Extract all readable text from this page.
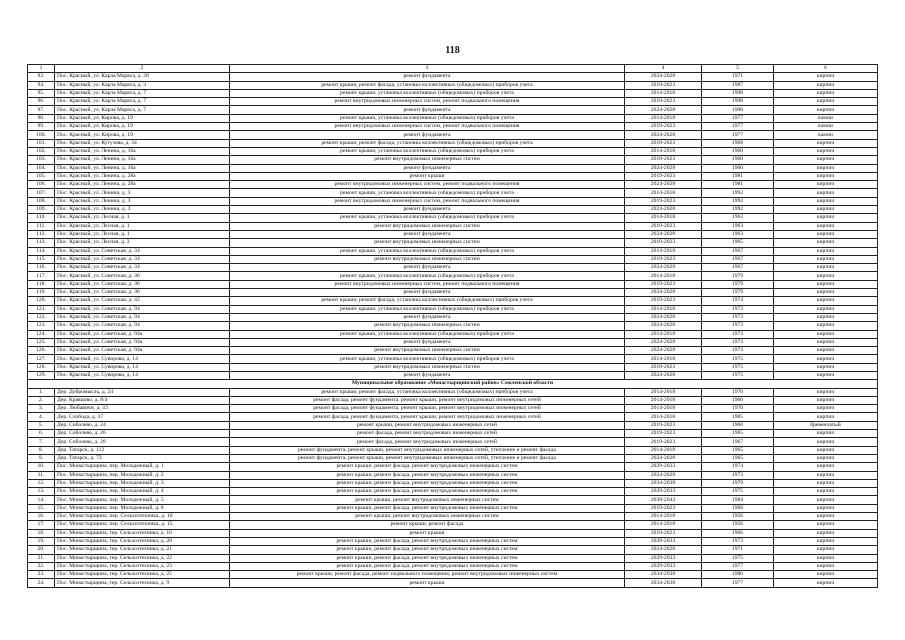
118
1	2	3	4	5	6
93.	Пос. Красный, ул. Карла Маркса, д. 28	ремонт фундамента	2024-2028	1971	кирпич
94.	Пос. Красный, ул. Карла Маркса, д. 3	ремонт крыши, ремонт фасада, установка коллективных (общедомовых) приборов учета	2019-2023	1987	кирпич
95.	Пос. Красный, ул. Карла Маркса, д. 7	ремонт крыши, установка коллективных (общедомовых) приборов учета	2014-2018	1998	кирпич
96.	Пос. Красный, ул. Карла Маркса, д. 7	ремонт внутридомовых инженерных систем, ремонт подвального помещения	2019-2023	1998	кирпич
97.	Пос. Красный, ул. Карла Маркса, д. 7	ремонт фундамента	2024-2028	1998	кирпич
98.	Пос. Красный, ул. Кирова, д. 19	ремонт крыши, установка коллективных (общедомовых) приборов учета	2014-2018	1977	камни
99.	Пос. Красный, ул. Кирова, д. 19	ремонт внутридомовых инженерных систем, ремонт подвального помещения	2019-2023	1977	камни
100.	Пос. Красный, ул. Кирова, д. 19	ремонт фундамента	2024-2028	1977	камни
101.	Пос. Красный, ул. Кутузова, д. 34	ремонт крыши, ремонт фасада, установка коллективных (общедомовых) приборов учета	2019-2023	1968	кирпич
102.	Пос. Красный, ул. Ленина, д. 16а	ремонт крыши, установка коллективных (общедомовых) приборов учета	2014-2018	1960	кирпич
103.	Пос. Красный, ул. Ленина, д. 16а	ремонт внутридомовых инженерных систем	2019-2023	1960	кирпич
104.	Пос. Красный, ул. Ленина, д. 16а	ремонт фундамента	2024-2028	1960	кирпич
105.	Пос. Красный, ул. Ленина, д. 28а	ремонт крыши	2019-2023	1981	кирпич
106.	Пос. Красный, ул. Ленина, д. 28а	ремонт внутридомовых инженерных систем, ремонт подвального помещения	2024-2028	1981	кирпич
107.	Пос. Красный, ул. Ленина, д. 3	ремонт крыши, установка коллективных (общедомовых) приборов учета	2014-2018	1992	кирпич
108.	Пос. Красный, ул. Ленина, д. 3	ремонт внутридомовых инженерных систем, ремонт подвального помещения	2019-2023	1992	кирпич
109.	Пос. Красный, ул. Ленина, д. 3	ремонт фундамента	2024-2028	1992	кирпич
110.	Пос. Красный, ул. Лесная, д. 1	ремонт крыши, установка коллективных (общедомовых) приборов учета	2014-2018	1963	кирпич
111.	Пос. Красный, ул. Лесная, д. 1	ремонт внутридомовых инженерных систем	2019-2023	1963	кирпич
112.	Пос. Красный, ул. Лесная, д. 1	ремонт фундамента	2024-2028	1963	кирпич
113.	Пос. Красный, ул. Лесная, д. 3	ремонт внутридомовых инженерных систем	2019-2023	1965	кирпич
114.	Пос. Красный, ул. Советская, д. 34	ремонт крыши, установка коллективных (общедомовых) приборов учета	2014-2018	1967	кирпич
115.	Пос. Красный, ул. Советская, д. 34	ремонт внутридомовых инженерных систем	2019-2023	1967	кирпич
116.	Пос. Красный, ул. Советская, д. 34	ремонт фундамента	2024-2028	1967	кирпич
117.	Пос. Красный, ул. Советская, д. 36	ремонт крыши, установка коллективных (общедомовых) приборов учета	2014-2018	1979	кирпич
118.	Пос. Красный, ул. Советская, д. 36	ремонт внутридомовых инженерных систем, ремонт подвального помещения	2019-2023	1979	кирпич
119.	Пос. Красный, ул. Советская, д. 36	ремонт фундамента	2024-2028	1979	кирпич
120.	Пос. Красный, ул. Советская, д. 42	ремонт крыши, ремонт фасада, установка коллективных (общедомовых) приборов учета	2019-2023	1974	кирпич
121.	Пос. Красный, ул. Советская, д. 94	ремонт крыши, установка коллективных (общедомовых) приборов учета	2014-2018	1973	кирпич
122.	Пос. Красный, ул. Советская, д. 94	ремонт фундамента	2024-2028	1973	кирпич
123.	Пос. Красный, ул. Советская, д. 94	ремонт внутридомовых инженерных систем	2024-2028	1973	кирпич
124.	Пос. Красный, ул. Советская, д. 94а	ремонт крыши, установка коллективных (общедомовых) приборов учета	2014-2018	1973	кирпич
125.	Пос. Красный, ул. Советская, д. 94а	ремонт фундамента	2024-2028	1973	кирпич
126.	Пос. Красный, ул. Советская, д. 94а	ремонт внутридомовых инженерных систем	2024-2028	1973	кирпич
127.	Пос. Красный, ул. Суворова, д. 14	ремонт крыши, установка коллективных (общедомовых) приборов учета	2014-2018	1975	кирпич
128.	Пос. Красный, ул. Суворова, д. 14	ремонт внутридомовых инженерных систем	2019-2023	1975	кирпич
129.	Пос. Красный, ул. Суворова, д. 14	ремонт фундамента	2024-2028	1975	кирпич
Муниципальное образование «Монастырщинский район» Смоленской области					
1.	Дер. Добромысль, д. 24	ремонт крыши, ремонт фасада, установка коллективных (общедомовых) приборов учета	2014-2018	1970	кирпич
2.	Дер. Кравцово, д. 8/4	ремонт фасада, ремонт фундамента, ремонт крыши, ремонт внутридомовых инженерных сетей	2014-2018	1960	кирпич
3.	Дер. Любавичи, д. 33	ремонт фасада, ремонт фундамента, ремонт крыши, ремонт внутридомовых инженерных сетей	2014-2018	1970	кирпич
4.	Дер. Слобода, д. 37	ремонт фасада, ремонт фундамента, ремонт крыши, ремонт внутридомовых инженерных сетей	2014-2018	1985	кирпич
5.	Дер. Соболево, д. 24	ремонт крыши, ремонт внутридомовых инженерных сетей	2019-2023	1960	бревенчатый
6.	Дер. Соболево, д. 26	ремонт фасада, ремонт внутридомовых инженерных сетей	2019-2023	1965	кирпич
7.	Дер. Соболево, д. 28	ремонт фасада, ремонт внутридомовых инженерных сетей	2019-2023	1967	кирпич
8.	Дер. Татарск, д. 112	ремонт фундамента, ремонт крыши, ремонт внутридомовых инженерных сетей, утепление и ремонт фасада	2014-2018	1965	кирпич
9.	Дер. Татарск, д. 73	ремонт фундамента, ремонт крыши, ремонт внутридомовых инженерных сетей, утепление и ремонт фасада	2024-2028	1965	кирпич
10.	Пос. Монастырщина, пер. Молодежный, д. 1	ремонт крыши, ремонт фасада, ремонт внутридомовых инженерных систем	2029-2033	1974	кирпич
11.	Пос. Монастырщина, пер. Молодежный, д. 2	ремонт крыши, ремонт фасада, ремонт внутридомовых инженерных систем	2024-2028	1973	кирпич
12.	Пос. Монастырщина, пер. Молодежный, д. 3	ремонт крыши, ремонт фасада, ремонт внутридомовых инженерных систем	2034-2038	1979	кирпич
13.	Пос. Монастырщина, пер. Молодежный, д. 4	ремонт крыши, ремонт фасада, ремонт внутридомовых инженерных систем	2029-2033	1975	кирпич
14.	Пос. Монастырщина, пер. Молодежный, д. 5	ремонт крыши, ремонт внутридомовых инженерных систем	2039-2043	1984	кирпич
15.	Пос. Монастырщина, пер. Молодежный, д. 8	ремонт крыши, ремонт фасада, ремонт внутридомовых инженерных систем	2019-2023	1968	кирпич
16.	Пос. Монастырщина, пер. Сельхозтехника, д. 10	ремонт крыши, ремонт внутридомовых инженерных систем	2014-2018	1956	кирпич
17.	Пос. Монастырщина, пер. Сельхозтехника, д. 15	ремонт крыши, ремонт фасада	2014-2018	1956	кирпич
18.	Пос. Монастырщина, тер. Сельхозтехника, д. 16	ремонт крыши	2019-2023	1966	кирпич
19.	Пос. Монастырщина, тер. Сельхозтехника, д. 20	ремонт крыши, ремонт фасада, ремонт внутридомовых инженерных систем	2029-2033	1973	кирпич
20.	Пос. Монастырщина, тер. Сельхозтехника, д. 21	ремонт крыши, ремонт фасада, ремонт внутридомовых инженерных систем	2024-2028	1971	кирпич
21.	Пос. Монастырщина, тер. Сельхозтехника, д. 22	ремонт крыши, ремонт фасада, ремонт внутридомовых инженерных систем	2029-2033	1975	кирпич
22.	Пос. Монастырщина, тер. Сельхозтехника, д. 23	ремонт крыши, ремонт фасада, ремонт внутридомовых инженерных систем	2029-2033	1977	кирпич
23.	Пос. Монастырщина, тер. Сельхозтехника, д. 25	ремонт крыши, ремонт фасада, ремонт подвального помещения, ремонт внутридомовых инженерных систем	2034-2038	1980	кирпич
24.	Пос. Монастырщина, тер. Сельхозтехника, д. 9	ремонт крыши	2034-2038	1977	кирпич
